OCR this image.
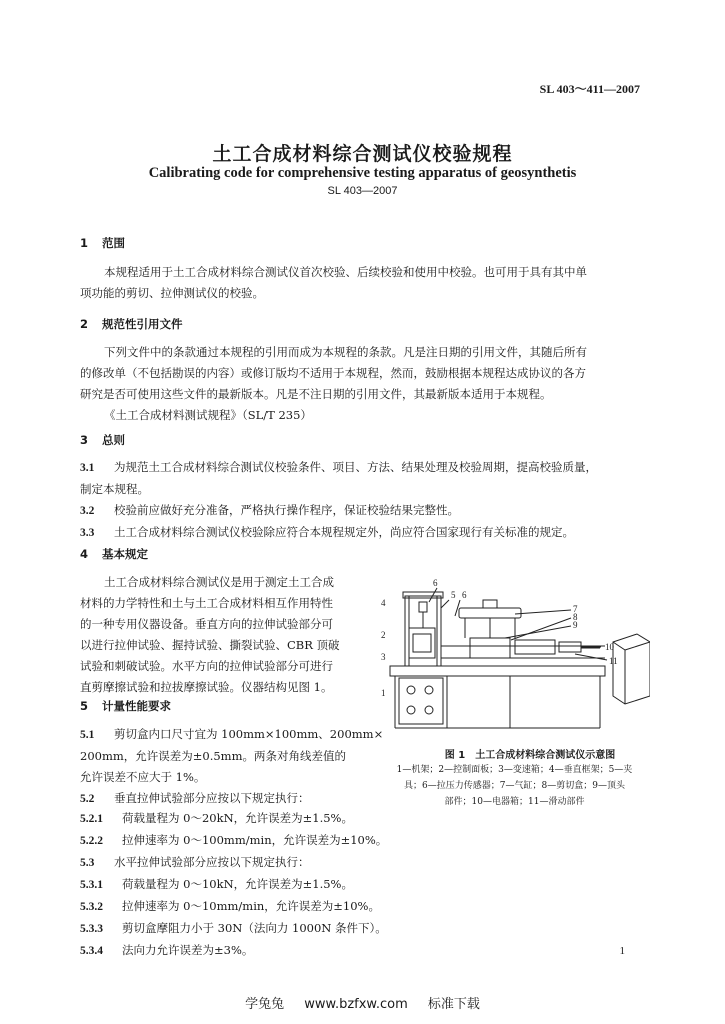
SL 403～411—2007
土工合成材料综合测试仪校验规程
Calibrating code for comprehensive testing apparatus of geosynthetis
SL 403—2007
1 范围
本规程适用于土工合成材料综合测试仪首次校验、后续校验和使用中校验。也可用于具有其中单
项功能的剪切、拉伸测试仪的校验。
2 规范性引用文件
下列文件中的条款通过本规程的引用而成为本规程的条款。凡是注日期的引用文件，其随后所有
的修改单（不包括勘误的内容）或修订版均不适用于本规程，然而，鼓励根据本规程达成协议的各方
研究是否可使用这些文件的最新版本。凡是不注日期的引用文件，其最新版本适用于本规程。
《土工合成材料测试规程》（SL/T 235）
3 总则
3.1 为规范土工合成材料综合测试仪校验条件、项目、方法、结果处理及校验周期，提高校验质量，
制定本规程。
3.2 校验前应做好充分准备，严格执行操作程序，保证校验结果完整性。
3.3 土工合成材料综合测试仪校验除应符合本规程规定外，尚应符合国家现行有关标准的规定。
4 基本规定
土工合成材料综合测试仪是用于测定土工合成
材料的力学特性和土与土工合成材料相互作用特性
的一种专用仪器设备。垂直方向的拉伸试验部分可
以进行拉伸试验、握持试验、撕裂试验、CBR 顶破
试验和刺破试验。水平方向的拉伸试验部分可进行
直剪摩擦试验和拉拔摩擦试验。仪器结构见图 1。
5 计量性能要求
5.1 剪切盒内口尺寸宜为 100mm×100mm、200mm×
200mm，允许误差为±0.5mm。两条对角线差值的
允许误差不应大于 1%。
5.2 垂直拉伸试验部分应按以下规定执行：
5.2.1 荷载量程为 0～20kN，允许误差为±1.5%。
5.2.2 拉伸速率为 0～100mm/min，允许误差为±10%。
5.3 水平拉伸试验部分应按以下规定执行：
5.3.1 荷载量程为 0～10kN，允许误差为±1.5%。
5.3.2 拉伸速率为 0～10mm/min，允许误差为±10%。
5.3.3 剪切盒摩阻力小于 30N（法向力 1000N 条件下）。
5.3.4 法向力允许误差为±3%。
6
5 6
4
7
8
9
2
3
1
10
11
图 1　土工合成材料综合测试仪示意图
1—机架；2—控制面板；3—变速箱；4—垂直框架；5—夹
具；6—拉压力传感器；7—气缸；8—剪切盒；9—顶头
部件；10—电器箱；11—滑动部件
1
学兔兔 www.bzfxw.com 标准下载
